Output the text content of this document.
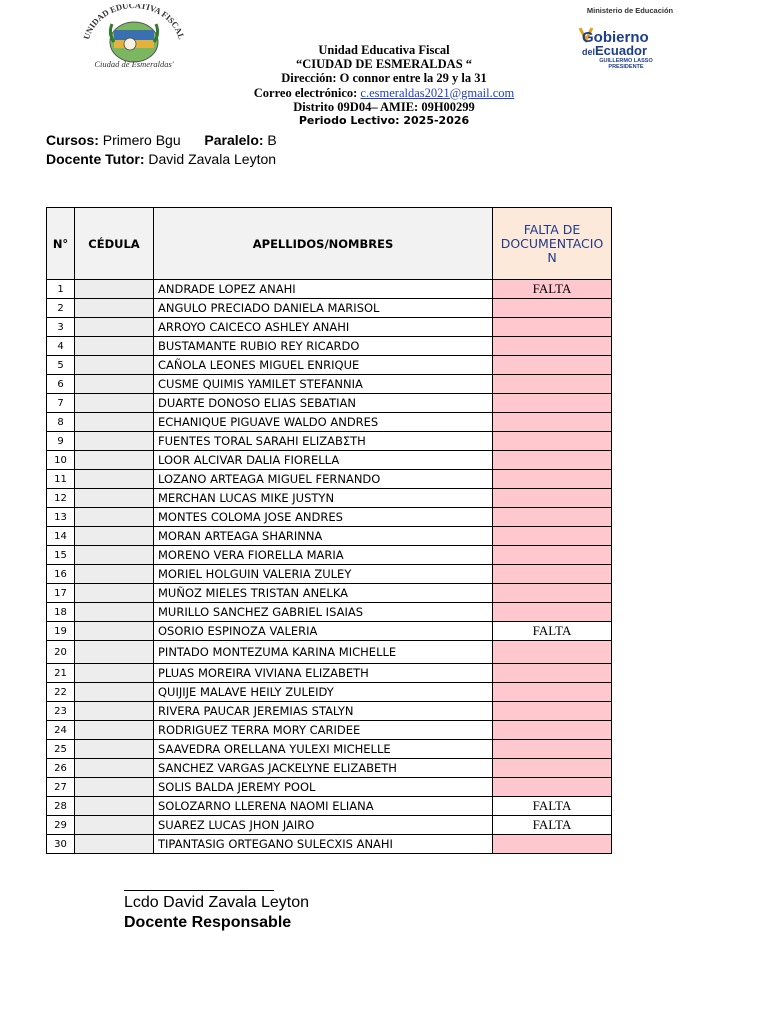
UNIDAD EDUCATIVA FISCAL
Ciudad de Esmeraldas'
Ministerio de Educación
Gobierno
delEcuador
GUILLERMO LASSO
PRESIDENTE
Unidad Educativa Fiscal
“CIUDAD DE ESMERALDAS “
Dirección: O connor entre la 29 y la 31
Correo electrónico: c.esmeraldas2021@gmail.com
Distrito 09D04– AMIE: 09H00299
Periodo Lectivo: 2025-2026
Cursos: Primero Bgu Paralelo: B
Docente Tutor: David Zavala Leyton
N°	CÉDULA	APELLIDOS/NOMBRES	FALTA DE
DOCUMENTACIO
N

1		ANDRADE LOPEZ ANAHI	FALTA
2		ANGULO PRECIADO DANIELA MARISOL	
3		ARROYO CAICECO ASHLEY ANAHI	
4		BUSTAMANTE RUBIO REY RICARDO	
5		CAÑOLA LEONES MIGUEL ENRIQUE	
6		CUSME QUIMIS YAMILET STEFANNIA	
7		DUARTE DONOSO ELIAS SEBATIAN	
8		ECHANIQUE PIGUAVE WALDO ANDRES	
9		FUENTES TORAL SARAHI ELIZABΣTH	
10		LOOR ALCIVAR DALIA FIORELLA	
11		LOZANO ARTEAGA MIGUEL FERNANDO	
12		MERCHAN LUCAS MIKE JUSTYN	
13		MONTES COLOMA JOSE ANDRES	
14		MORAN ARTEAGA SHARINNA	
15		MORENO VERA FIORELLA MARIA	
16		MORIEL HOLGUIN VALERIA ZULEY	
17		MUÑOZ MIELES TRISTAN ANELKA	
18		MURILLO SANCHEZ GABRIEL ISAIAS	
19		OSORIO ESPINOZA VALERIA	FALTA
20		PINTADO MONTEZUMA KARINA MICHELLE	
21		PLUAS MOREIRA VIVIANA ELIZABETH	
22		QUIJIJE MALAVE HEILY ZULEIDY	
23		RIVERA PAUCAR JEREMIAS STALYN	
24		RODRIGUEZ TERRA MORY CARIDEE	
25		SAAVEDRA ORELLANA YULEXI MICHELLE	
26		SANCHEZ VARGAS JACKELYNE ELIZABETH	
27		SOLIS BALDA JEREMY POOL	
28		SOLOZARNO LLERENA NAOMI ELIANA	FALTA
29		SUAREZ LUCAS JHON JAIRO	FALTA
30		TIPANTASIG ORTEGANO SULECXIS ANAHI	
Lcdo David Zavala Leyton
Docente Responsable
